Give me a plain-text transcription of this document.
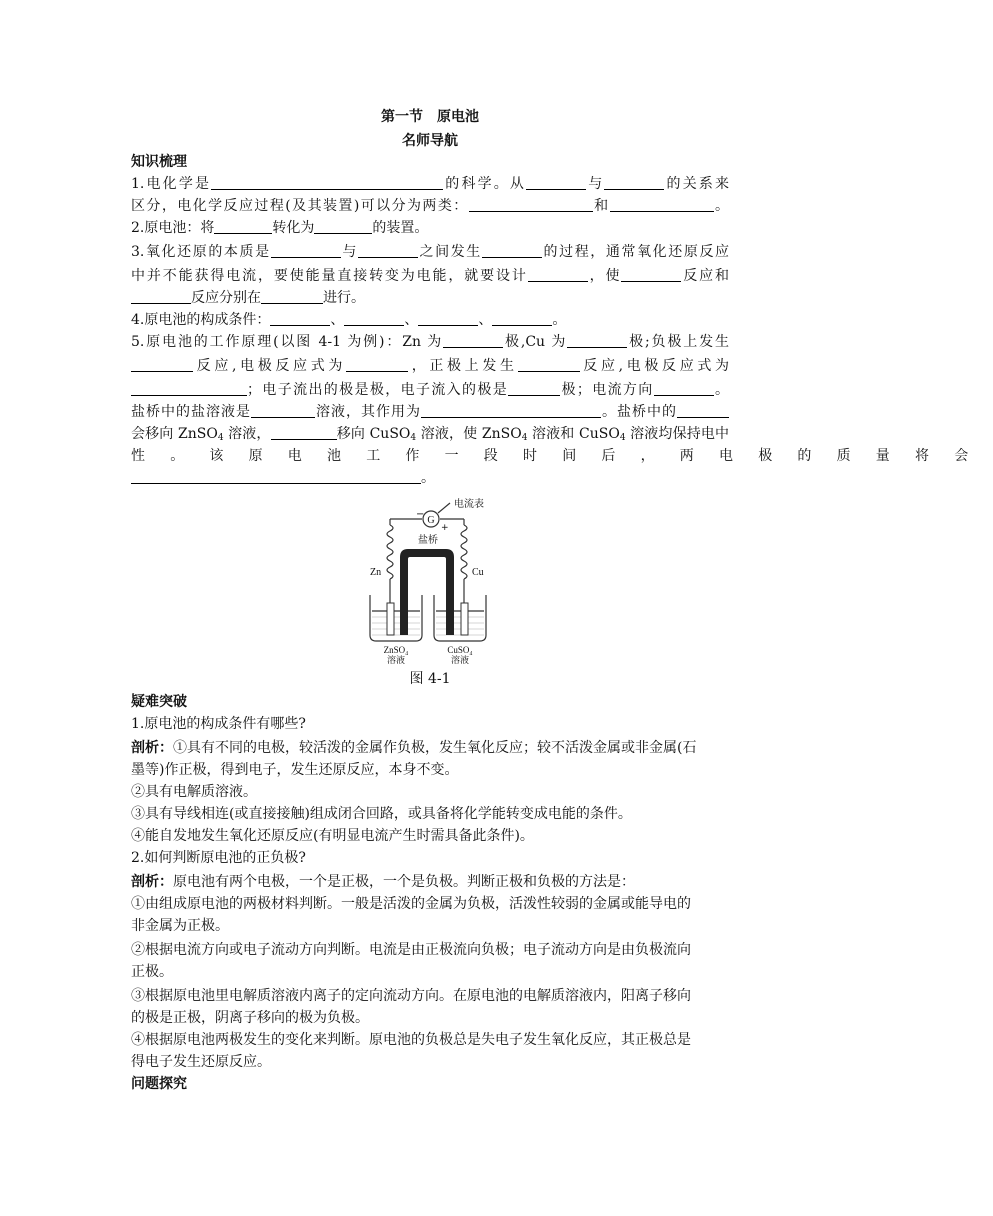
第一节　原电池
名师导航
知识梳理
1.电化学是	的科学。从	与	的关系来
区分，电化学反应过程(及其装置)可以分为两类：	和	。
2.原电池：将	转化为	的装置。
3.氧化还原的本质是	与	之间发生	的过程，通常氧化还原反应
中并不能获得电流，要使能量直接转变为电能，就要设计	，使	反应和
反应分别在	进行。
4.原电池的构成条件：	、	、	、	。
5.原电池的工作原理(以图 4-1 为例)：Zn 为	极,Cu 为	极;负极上发生
反应,电极反应式为	，正极上发生	反应,电极反应式为
；电子流出的极是极，电子流入的极是	极；电流方向	。
盐桥中的盐溶液是	溶液，其作用为	。盐桥中的
会移向 ZnSO$_4$ 溶液，	移向 CuSO$_4$ 溶液，使 ZnSO$_4$ 溶液和 CuSO$_4$ 溶液均保持电中
性。该原电池工作一段时间后，两电极的质量将会
。
G
电流表
−
+
盐桥
Zn	Cu
ZnSO₄
溶液
CuSO₄
溶液
图 4-1
疑难突破
1.原电池的构成条件有哪些?
剖析：①具有不同的电极，较活泼的金属作负极，发生氧化反应；较不活泼金属或非金属(石
墨等)作正极，得到电子，发生还原反应，本身不变。
②具有电解质溶液。
③具有导线相连(或直接接触)组成闭合回路，或具备将化学能转变成电能的条件。
④能自发地发生氧化还原反应(有明显电流产生时需具备此条件)。
2.如何判断原电池的正负极?
剖析：原电池有两个电极，一个是正极，一个是负极。判断正极和负极的方法是：
①由组成原电池的两极材料判断。一般是活泼的金属为负极，活泼性较弱的金属或能导电的
非金属为正极。
②根据电流方向或电子流动方向判断。电流是由正极流向负极；电子流动方向是由负极流向
正极。
③根据原电池里电解质溶液内离子的定向流动方向。在原电池的电解质溶液内，阳离子移向
的极是正极，阴离子移向的极为负极。
④根据原电池两极发生的变化来判断。原电池的负极总是失电子发生氧化反应，其正极总是
得电子发生还原反应。
问题探究
